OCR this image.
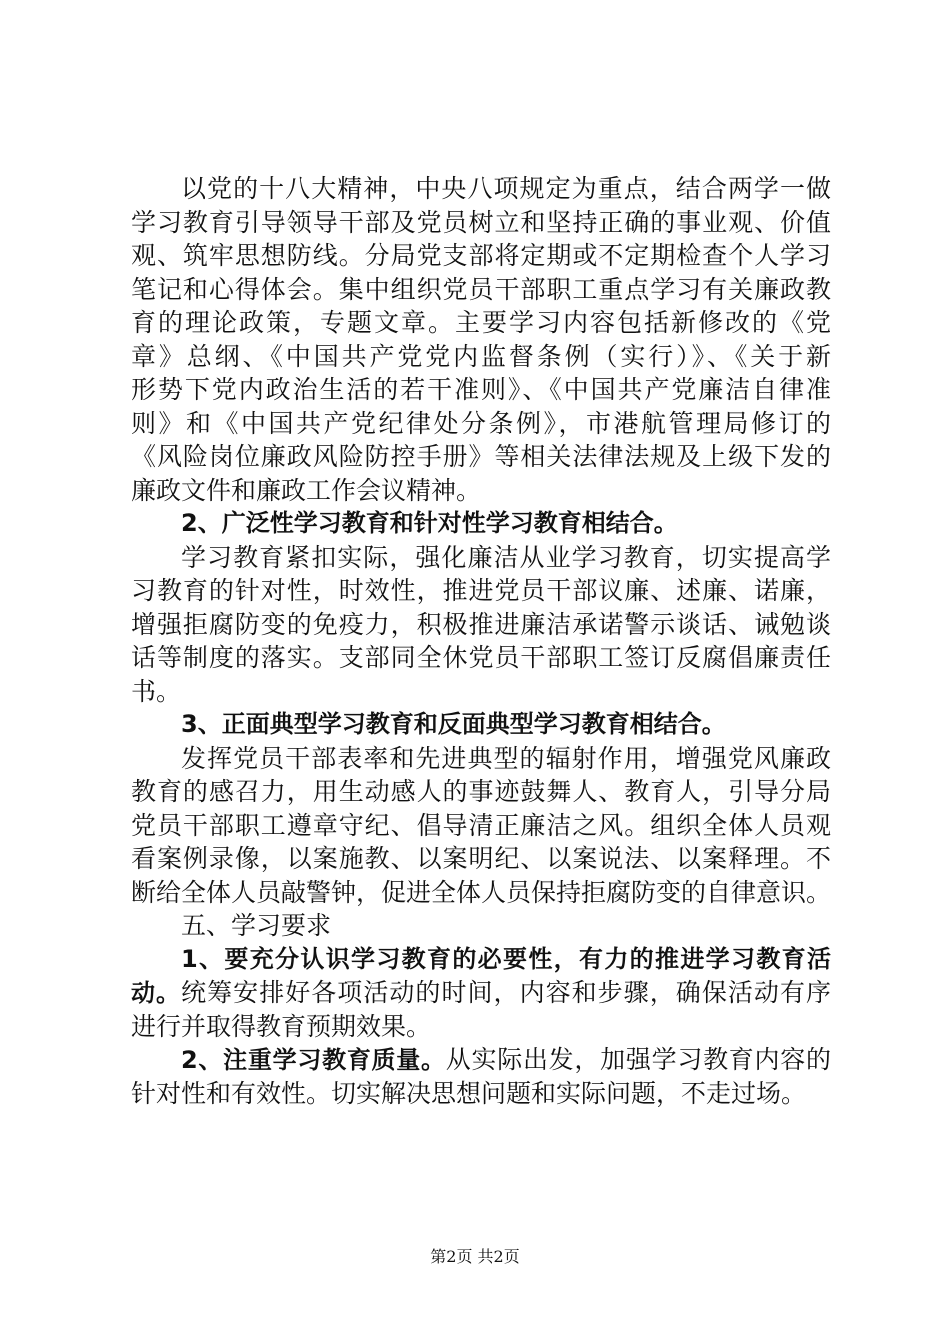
以党的十八大精神，中央八项规定为重点，结合两学一做
学习教育引导领导干部及党员树立和坚持正确的事业观、价值
观、筑牢思想防线。分局党支部将定期或不定期检查个人学习
笔记和心得体会。集中组织党员干部职工重点学习有关廉政教
育的理论政策，专题文章。主要学习内容包括新修改的《党
章》总纲、《中国共产党党内监督条例（实行）》、《关于新
形势下党内政治生活的若干准则》、《中国共产党廉洁自律准
则》和《中国共产党纪律处分条例》，市港航管理局修订的
《风险岗位廉政风险防控手册》等相关法律法规及上级下发的
廉政文件和廉政工作会议精神。
2、广泛性学习教育和针对性学习教育相结合。
学习教育紧扣实际，强化廉洁从业学习教育，切实提高学
习教育的针对性，时效性，推进党员干部议廉、述廉、诺廉，
增强拒腐防变的免疫力，积极推进廉洁承诺警示谈话、诫勉谈
话等制度的落实。支部同全休党员干部职工签订反腐倡廉责任
书。
3、正面典型学习教育和反面典型学习教育相结合。
发挥党员干部表率和先进典型的辐射作用，增强党风廉政
教育的感召力，用生动感人的事迹鼓舞人、教育人，引导分局
党员干部职工遵章守纪、倡导清正廉洁之风。组织全体人员观
看案例录像，以案施教、以案明纪、以案说法、以案释理。不
断给全体人员敲警钟，促进全体人员保持拒腐防变的自律意识。
五、学习要求
1、要充分认识学习教育的必要性，有力的推进学习教育活
动。统筹安排好各项活动的时间，内容和步骤，确保活动有序
进行并取得教育预期效果。
2、注重学习教育质量。从实际出发，加强学习教育内容的
针对性和有效性。切实解决思想问题和实际问题，不走过场。
第2页 共2页
